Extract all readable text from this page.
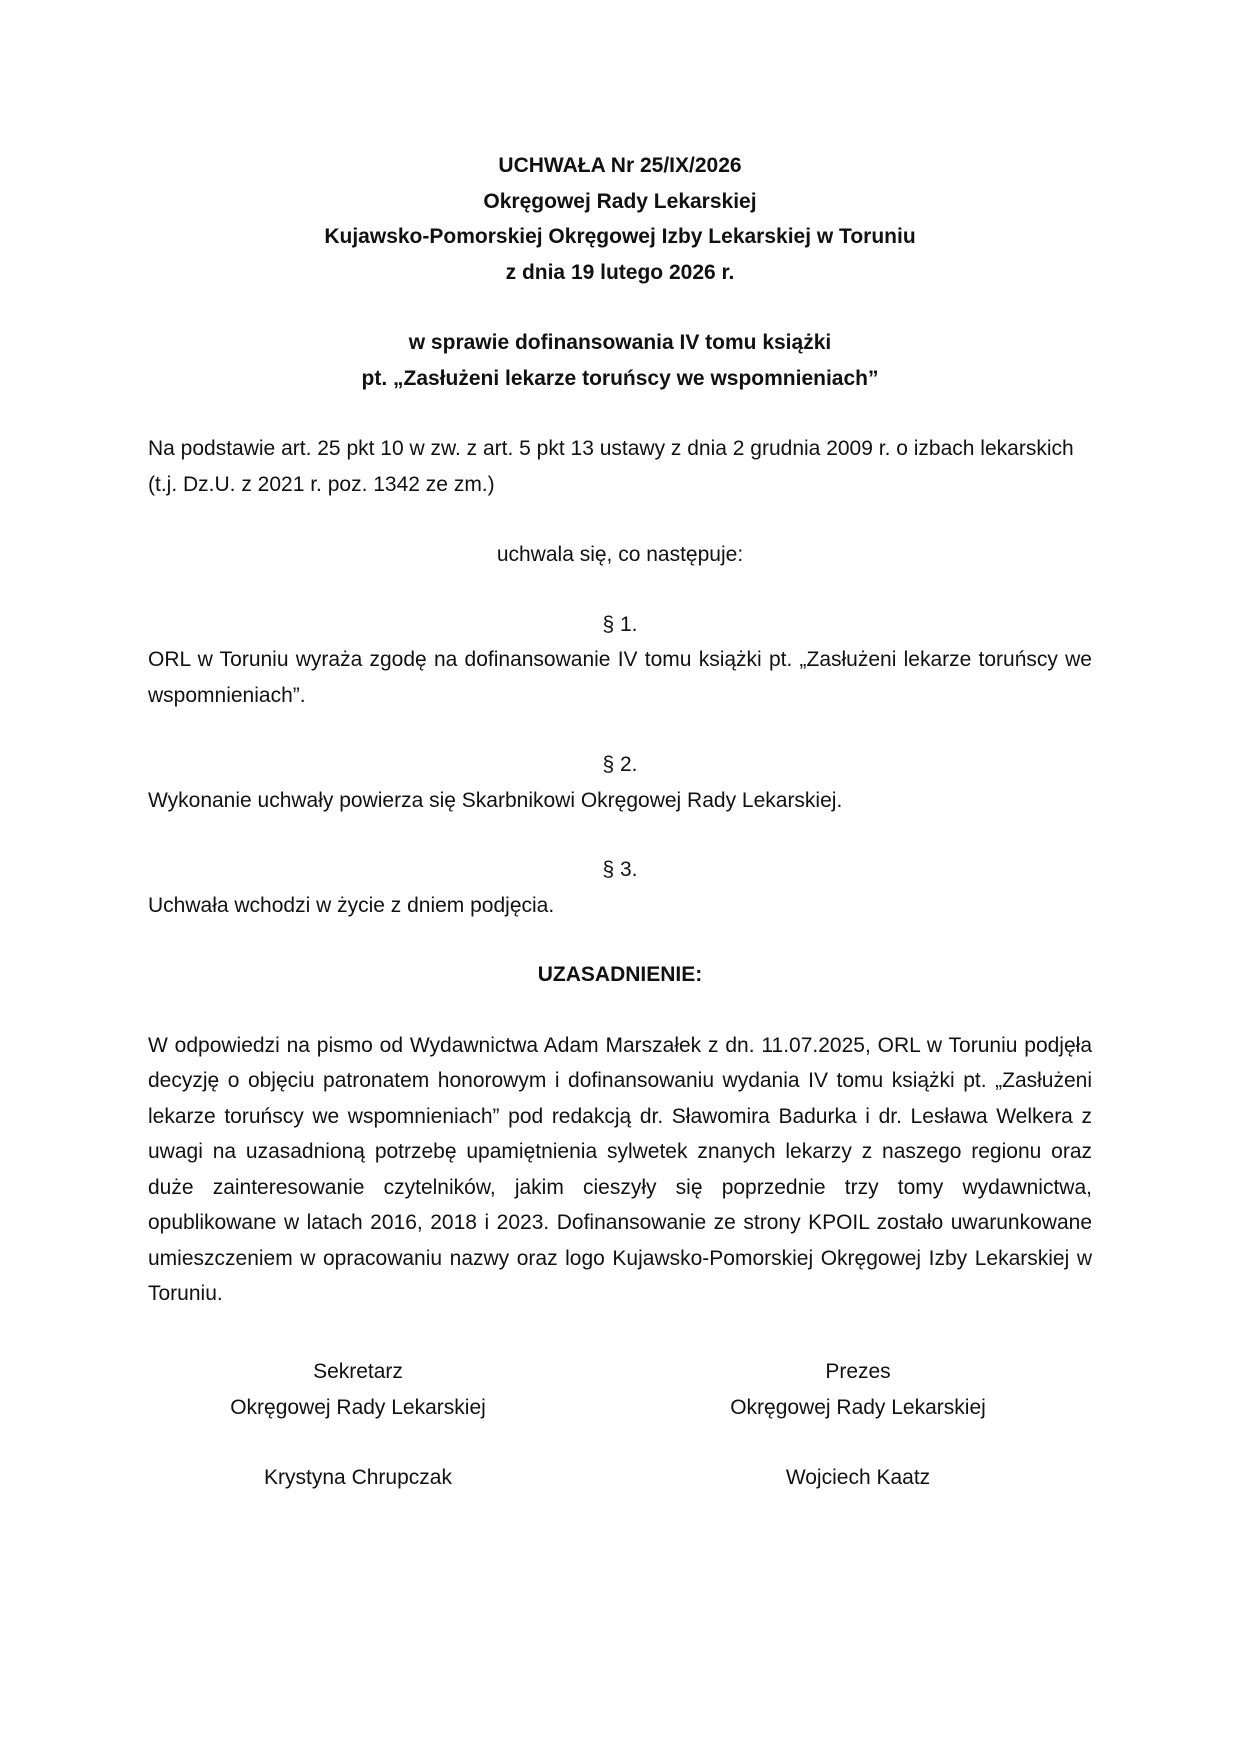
UCHWAŁA Nr 25/IX/2026

Okręgowej Rady Lekarskiej

Kujawsko-Pomorskiej Okręgowej Izby Lekarskiej w Toruniu

z dnia 19 lutego 2026 r.

w sprawie dofinansowania IV tomu książki

pt. „Zasłużeni lekarze toruńscy we wspomnieniach”

Na podstawie art. 25 pkt 10 w zw. z art. 5 pkt 13 ustawy z dnia 2 grudnia 2009 r. o izbach lekarskich (t.j. Dz.U. z 2021 r. poz. 1342 ze zm.)

uchwala się, co następuje:

§ 1.

ORL w Toruniu wyraża zgodę na dofinansowanie IV tomu książki pt. „Zasłużeni lekarze toruńscy we wspomnieniach”.

§ 2.

Wykonanie uchwały powierza się Skarbnikowi Okręgowej Rady Lekarskiej.

§ 3.

Uchwała wchodzi w życie z dniem podjęcia.

UZASADNIENIE:

W odpowiedzi na pismo od Wydawnictwa Adam Marszałek z dn. 11.07.2025, ORL w Toruniu podjęła decyzję o objęciu patronatem honorowym i dofinansowaniu wydania IV tomu książki pt. „Zasłużeni lekarze toruńscy we wspomnieniach” pod redakcją dr. Sławomira Badurka i dr. Lesława Welkera z uwagi na uzasadnioną potrzebę upamiętnienia sylwetek znanych lekarzy z naszego regionu oraz duże zainteresowanie czytelników, jakim cieszyły się poprzednie trzy tomy wydawnictwa, opublikowane w latach 2016, 2018 i 2023. Dofinansowanie ze strony KPOIL zostało uwarunkowane umieszczeniem w opracowaniu nazwy oraz logo Kujawsko-Pomorskiej Okręgowej Izby Lekarskiej w Toruniu.

Sekretarz

Okręgowej Rady Lekarskiej

Krystyna Chrupczak

Prezes

Okręgowej Rady Lekarskiej

Wojciech Kaatz
